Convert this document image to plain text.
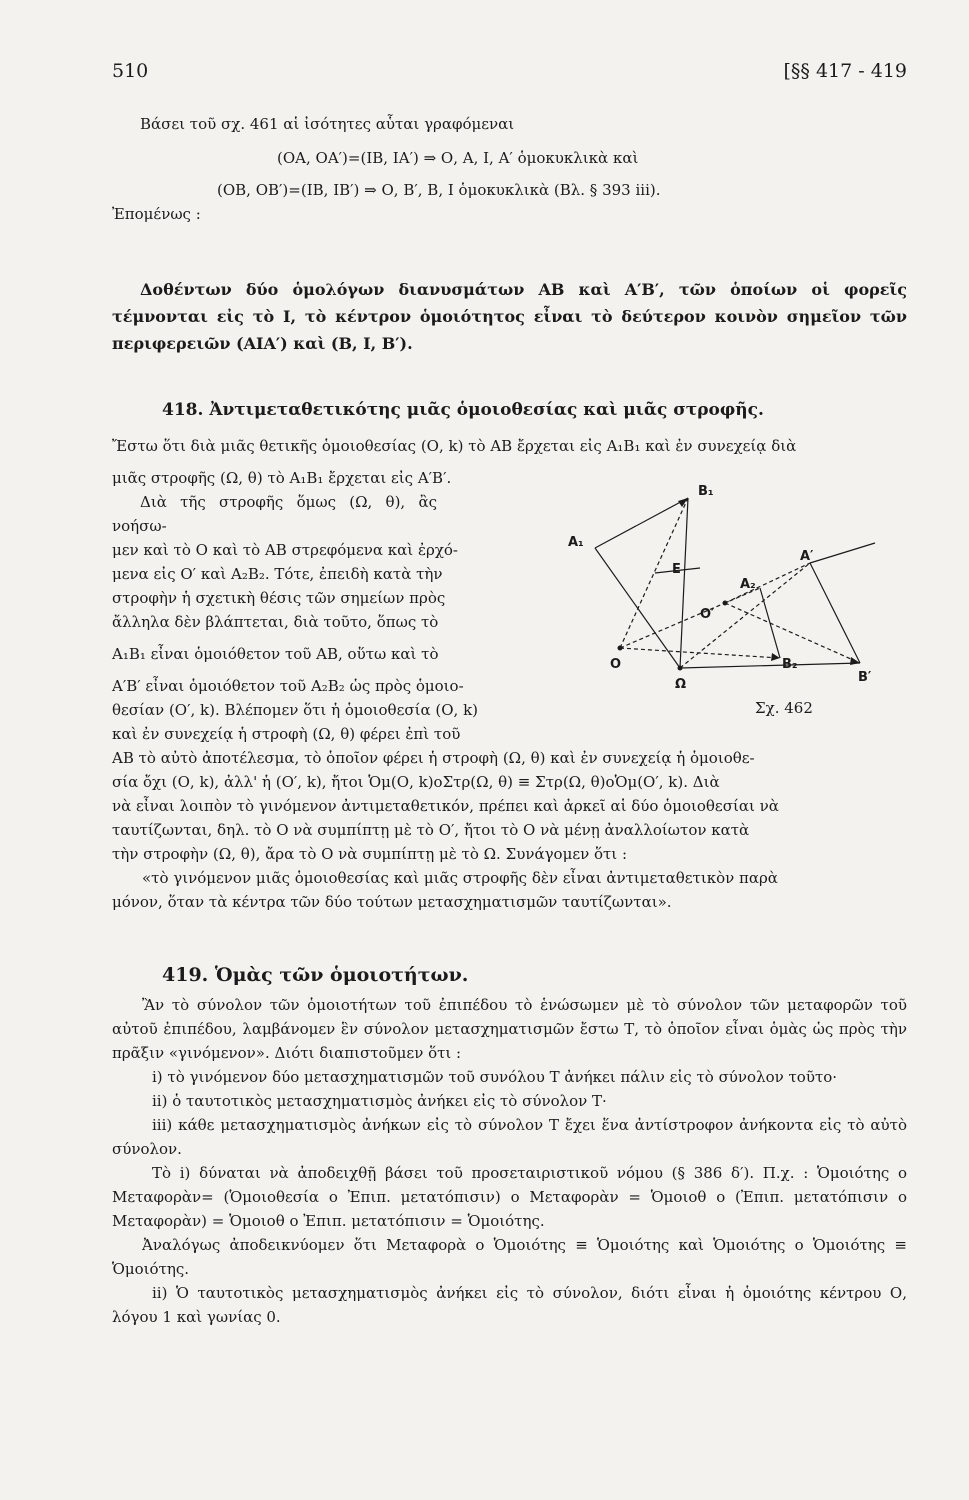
510	[§§ 417 - 419
Βάσει τοῦ σχ. 461 αἱ ἰσότητες αὗται γραφόμεναι
(ΟΑ, ΟΑ′)=(ΙΒ, ΙΑ′) ⇒ Ο, Α, Ι, Α′ ὁμοκυκλικὰ καὶ
(ΟΒ, ΟΒ′)=(ΙΒ, ΙΒ′) ⇒ Ο, Β′, Β, Ι ὁμοκυκλικὰ (Βλ. § 393 iii).
Ἐπομένως :
Δοθέντων δύο ὁμολόγων διανυσμάτων ΑΒ καὶ Α′Β′, τῶν ὁποίων οἱ φορεῖς τέμνονται εἰς τὸ Ι, τὸ κέντρον ὁμοιότητος εἶναι τὸ δεύτερον κοινὸν σημεῖον τῶν περιφερειῶν (ΑΙΑ′) καὶ (Β, Ι, Β′).
418. Ἀντιμεταθετικότης μιᾶς ὁμοιοθεσίας καὶ μιᾶς στροφῆς.

Ἔστω ὅτι διὰ μιᾶς θετικῆς ὁμοιοθεσίας (Ο, k) τὸ ΑΒ ἔρχεται εἰς Α₁Β₁ καὶ ἐν συνεχείᾳ διὰ

μιᾶς στροφῆς (Ω, θ) τὸ Α₁Β₁ ἔρχεται εἰς Α′Β′.

Διὰ τῆς στροφῆς ὅμως (Ω, θ), ἂς νοήσω-

μεν καὶ τὸ Ο καὶ τὸ ΑΒ στρεφόμενα καὶ ἐρχό-

μενα εἰς Ο′ καὶ Α₂Β₂. Τότε, ἐπειδὴ κατὰ τὴν

στροφὴν ἡ σχετικὴ θέσις τῶν σημείων πρὸς

ἄλληλα δὲν βλάπτεται, διὰ τοῦτο, ὅπως τὸ

Α₁Β₁ εἶναι ὁμοιόθετον τοῦ ΑΒ, οὕτω καὶ τὸ

Α′Β′ εἶναι ὁμοιόθετον τοῦ Α₂Β₂ ὡς πρὸς ὁμοιο-

θεσίαν (Ο′, k). Βλέπομεν ὅτι ἡ ὁμοιοθεσία (Ο, k)

καὶ ἐν συνεχείᾳ ἡ στροφὴ (Ω, θ) φέρει ἐπὶ τοῦ

ΑΒ τὸ αὐτὸ ἀποτέλεσμα, τὸ ὁποῖον φέρει ἡ στροφὴ (Ω, θ) καὶ ἐν συνεχείᾳ ἡ ὁμοιοθε-

σία ὄχι (Ο, k), ἀλλ' ἡ (Ο′, k), ἤτοι Ὁμ(Ο, k)οΣτρ(Ω, θ) ≡ Στρ(Ω, θ)οὉμ(Ο′, k). Διὰ

νὰ εἶναι λοιπὸν τὸ γινόμενον ἀντιμεταθετικόν, πρέπει καὶ ἀρκεῖ αἱ δύο ὁμοιοθεσίαι νὰ

ταυτίζωνται, δηλ. τὸ Ο νὰ συμπίπτῃ μὲ τὸ Ο′, ἤτοι τὸ Ο νὰ μένῃ ἀναλλοίωτον κατὰ

τὴν στροφὴν (Ω, θ), ἄρα τὸ Ο νὰ συμπίπτῃ μὲ τὸ Ω. Συνάγομεν ὅτι :

«τὸ γινόμενον μιᾶς ὁμοιοθεσίας καὶ μιᾶς στροφῆς δὲν εἶναι ἀντιμεταθετικὸν παρὰ

μόνον, ὅταν τὰ κέντρα τῶν δύο τούτων μετασχηματισμῶν ταυτίζωνται».

B₁
A₁
E
A₂
A′
O′
O	B₂
B′
Ω
Σχ. 462
419. Ὁμὰς τῶν ὁμοιοτήτων.

Ἂν τὸ σύνολον τῶν ὁμοιοτήτων τοῦ ἐπιπέδου τὸ ἑνώσωμεν μὲ τὸ σύνολον τῶν μεταφορῶν τοῦ αὐτοῦ ἐπιπέδου, λαμβάνομεν ἓν σύνολον μετασχηματισμῶν ἔστω Τ, τὸ ὁποῖον εἶναι ὁμὰς ὡς πρὸς τὴν πρᾶξιν «γινόμενον». Διότι διαπιστοῦμεν ὅτι :

i) τὸ γινόμενον δύο μετασχηματισμῶν τοῦ συνόλου Τ ἀνήκει πάλιν εἰς τὸ σύνολον τοῦτο·

ii) ὁ ταυτοτικὸς μετασχηματισμὸς ἀνήκει εἰς τὸ σύνολον Τ·

iii) κάθε μετασχηματισμὸς ἀνήκων εἰς τὸ σύνολον Τ ἔχει ἕνα ἀντίστροφον ἀνήκοντα εἰς τὸ αὐτὸ σύνολον.

Τὸ i) δύναται νὰ ἀποδειχθῇ βάσει τοῦ προσεταιριστικοῦ νόμου (§ 386 δ′). Π.χ. : Ὁμοιότης ο Μεταφορὰν= (Ὁμοιοθεσία ο Ἐπιπ. μετατόπισιν) ο Μεταφορὰν = Ὁμοιοθ ο (Ἐπιπ. μετατόπισιν ο Μεταφορὰν) = Ὁμοιοθ ο Ἐπιπ. μετατόπισιν = Ὁμοιότης.

Ἀναλόγως ἀποδεικνύομεν ὅτι Μεταφορὰ ο Ὁμοιότης ≡ Ὁμοιότης καὶ Ὁμοιότης ο Ὁμοιότης ≡ Ὁμοιότης.

ii) Ὁ ταυτοτικὸς μετασχηματισμὸς ἀνήκει εἰς τὸ σύνολον, διότι εἶναι ἡ ὁμοιότης κέντρου Ο, λόγου 1 καὶ γωνίας 0.
